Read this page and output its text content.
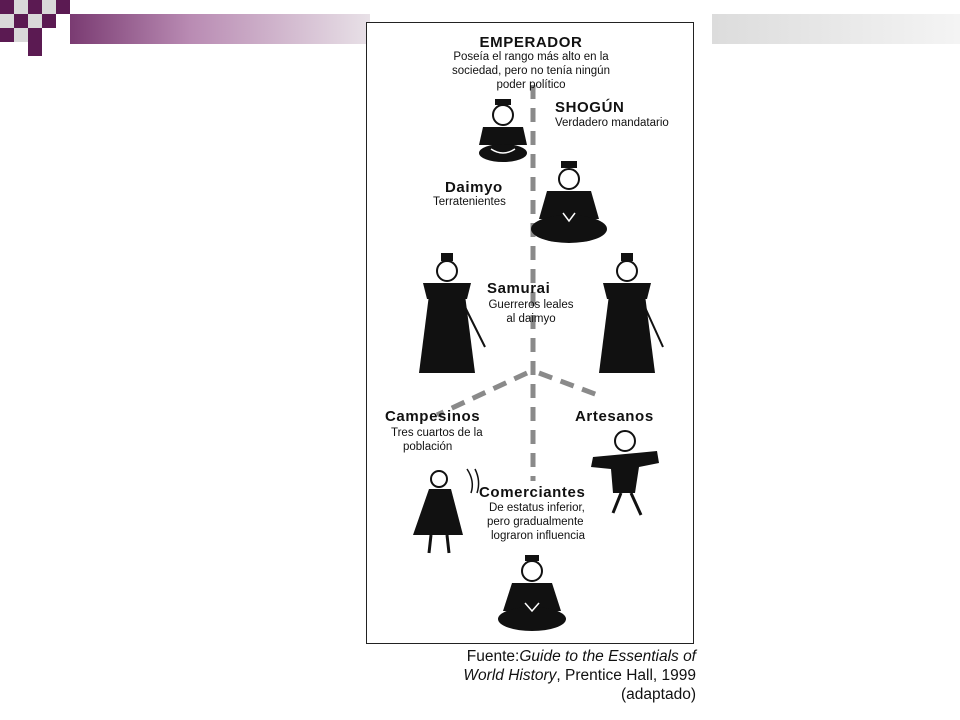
EMPERADOR
Poseía el rango más alto en la
sociedad, pero no tenía ningún
poder político
SHOGÚN
Verdadero mandatario
Daimyo
Terratenientes
Samurai
Guerreros leales
al daimyo
Campesinos
Tres cuartos de la
población
Artesanos
Comerciantes
De estatus inferior,
pero gradualmente
lograron influencia
Fuente:Guide to the Essentials of
World History, Prentice Hall, 1999
(adaptado)
